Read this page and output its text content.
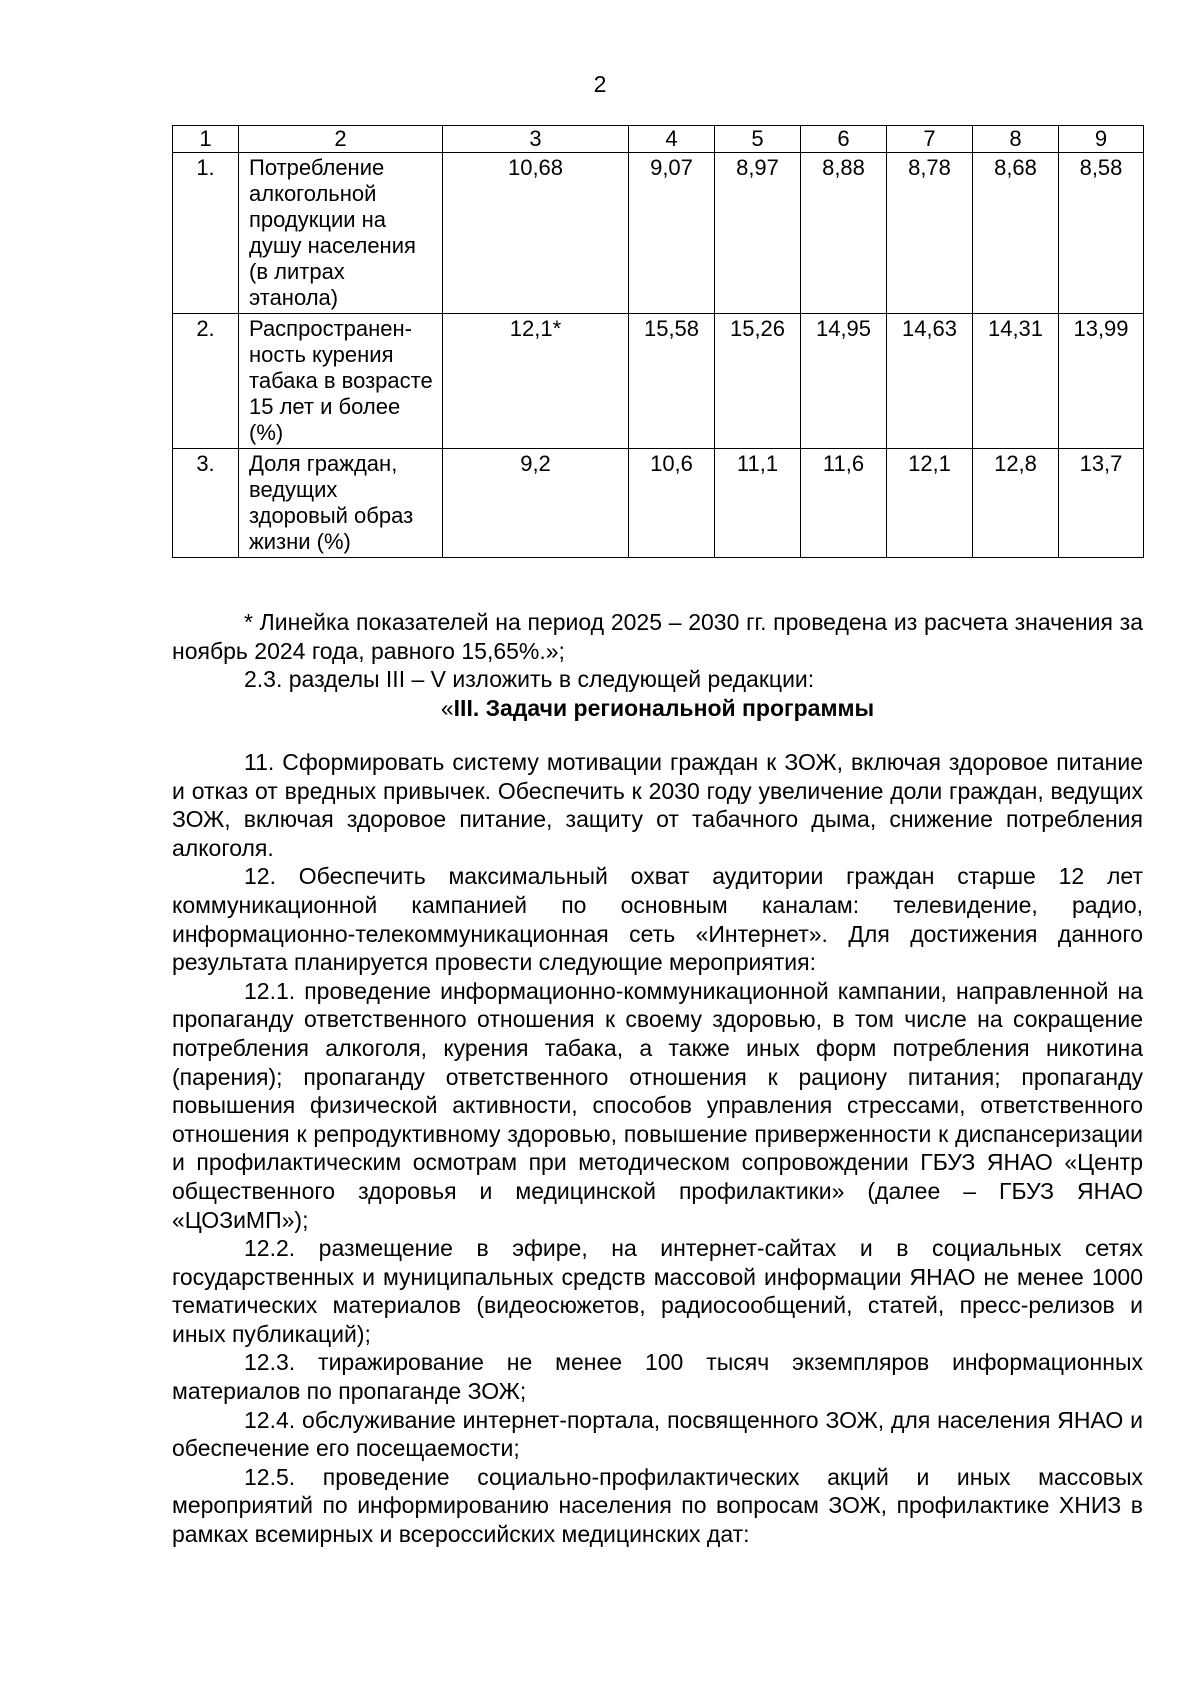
2
1	2	3	4	5	6	7	8	9
1.	Потребление алкогольной продукции на душу населения (в литрах этанола)	10,68	9,07	8,97	8,88	8,78	8,68	8,58
2.	Распространен-ность курения табака в возрасте 15 лет и более (%)	12,1*	15,58	15,26	14,95	14,63	14,31	13,99
3.	Доля граждан, ведущих здоровый образ жизни (%)	9,2	10,6	11,1	11,6	12,1	12,8	13,7

* Линейка показателей на период 2025 – 2030 гг. проведена из расчета значения за ноябрь 2024 года, равного 15,65%.»;

2.3. разделы III – V изложить в следующей редакции:

«III. Задачи региональной программы

11. Сформировать систему мотивации граждан к ЗОЖ, включая здоровое питание и отказ от вредных привычек. Обеспечить к 2030 году увеличение доли граждан, ведущих ЗОЖ, включая здоровое питание, защиту от табачного дыма, снижение потребления алкоголя.

12. Обеспечить максимальный охват аудитории граждан старше 12 лет коммуникационной кампанией по основным каналам: телевидение, радио, информационно-телекоммуникационная сеть «Интернет». Для достижения данного результата планируется провести следующие мероприятия:

12.1. проведение информационно-коммуникационной кампании, направленной на пропаганду ответственного отношения к своему здоровью, в том числе на сокращение потребления алкоголя, курения табака, а также иных форм потребления никотина (парения); пропаганду ответственного отношения к рациону питания; пропаганду повышения физической активности, способов управления стрессами, ответственного отношения к репродуктивному здоровью, повышение приверженности к диспансеризации и профилактическим осмотрам при методическом сопровождении ГБУЗ ЯНАО «Центр общественного здоровья и медицинской профилактики» (далее – ГБУЗ ЯНАО «ЦОЗиМП»);

12.2. размещение в эфире, на интернет-сайтах и в социальных сетях государственных и муниципальных средств массовой информации ЯНАО не менее 1000 тематических материалов (видеосюжетов, радиосообщений, статей, пресс-релизов и иных публикаций);

12.3. тиражирование не менее 100 тысяч экземпляров информационных материалов по пропаганде ЗОЖ;

12.4. обслуживание интернет-портала, посвященного ЗОЖ, для населения ЯНАО и обеспечение его посещаемости;

12.5. проведение социально-профилактических акций и иных массовых мероприятий по информированию населения по вопросам ЗОЖ, профилактике ХНИЗ в рамках всемирных и всероссийских медицинских дат:
